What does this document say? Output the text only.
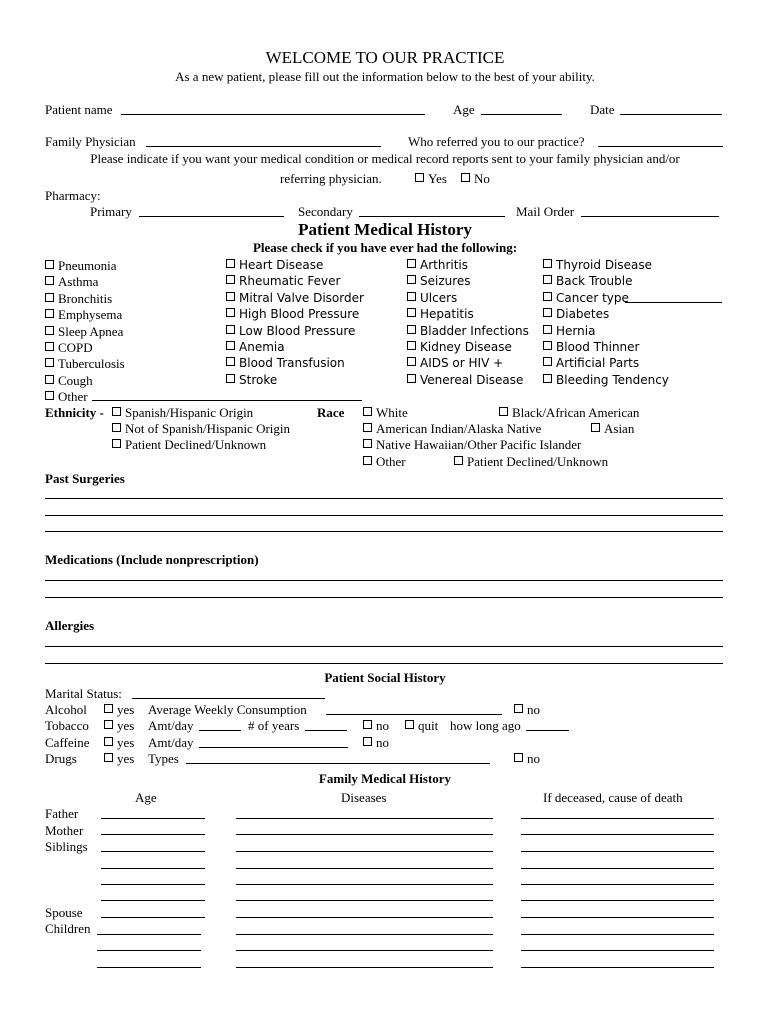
WELCOME TO OUR PRACTICE
As a new patient, please fill out the information below to the best of your ability.
Patient name	Age	Date
Family Physician	Who referred you to our practice?
Please indicate if you want your medical condition or medical record reports sent to your family physician and/or
referring physician.	Yes	No
Pharmacy:
Primary	Secondary	Mail Order
Patient Medical History
Please check if you have ever had the following:
Pneumonia
Asthma
Bronchitis
Emphysema
Sleep Apnea
COPD
Tuberculosis
Cough
Other
Heart Disease
Rheumatic Fever
Mitral Valve Disorder
High Blood Pressure
Low Blood Pressure
Anemia
Blood Transfusion
Stroke
Arthritis
Seizures
Ulcers
Hepatitis
Bladder Infections
Kidney Disease
AIDS or HIV +
Venereal Disease
Thyroid Disease
Back Trouble
Cancer type
Diabetes
Hernia
Blood Thinner
Artificial Parts
Bleeding Tendency
Ethnicity -	Spanish/Hispanic Origin
Not of Spanish/Hispanic Origin
Patient Declined/Unknown
Race	White	Black/African American
American Indian/Alaska Native	Asian
Native Hawaiian/Other Pacific Islander
Other	Patient Declined/Unknown
Past Surgeries
Medications (Include nonprescription)
Allergies
Patient Social History
Marital Status:
Alcohol	yes Average Weekly Consumption	no
Tobacco	yes Amt/day	# of years	no	quit how long ago
Caffeine	yes Amt/day	no
Drugs	yes Types	no
Family Medical History
Age	Diseases	If deceased, cause of death
Father
Mother
Siblings
Spouse
Children
